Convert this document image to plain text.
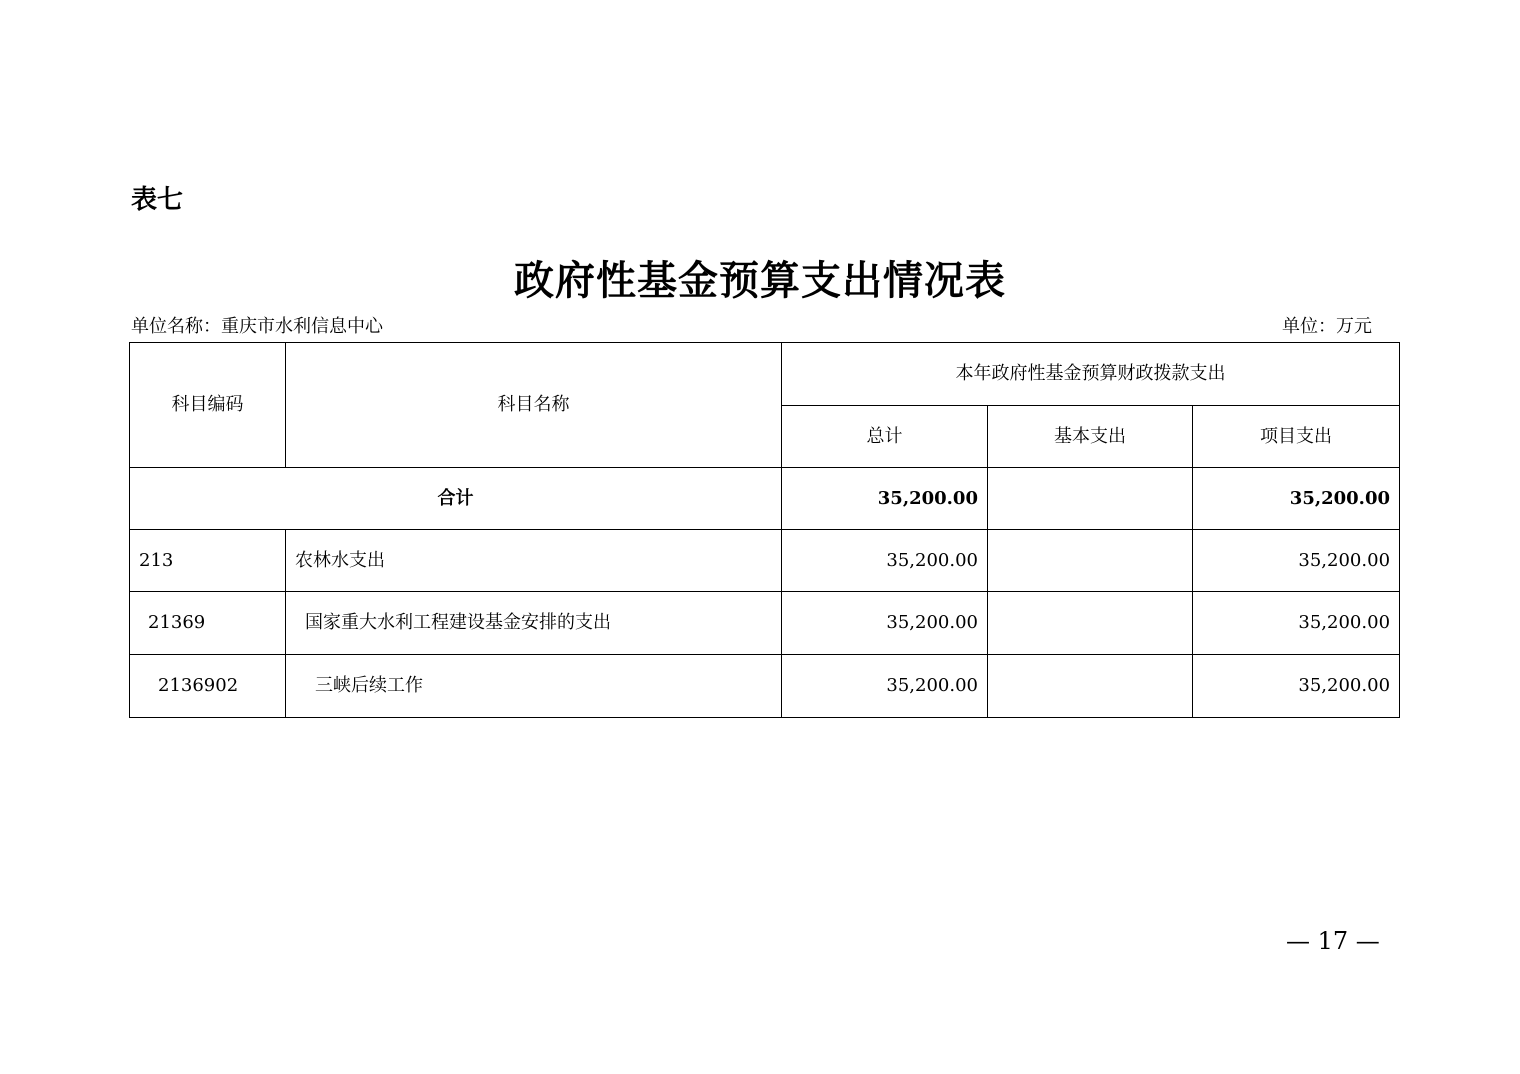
表七
政府性基金预算支出情况表
单位名称：重庆市水利信息中心	单位：万元
科目编码	科目名称	本年政府性基金预算财政拨款支出		
		总计	基本支出	项目支出
合计		35,200.00		35,200.00
213	农林水支出	35,200.00		35,200.00
21369	国家重大水利工程建设基金安排的支出	35,200.00		35,200.00
2136902	三峡后续工作	35,200.00		35,200.00
— 17 —
